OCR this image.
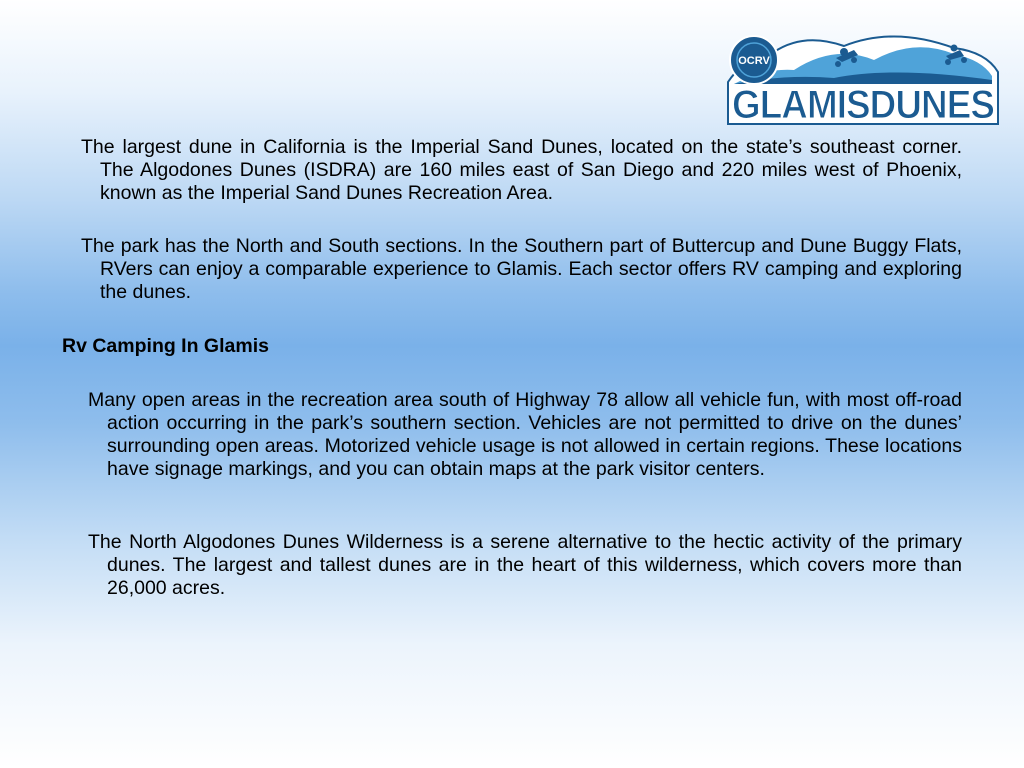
OCRV
GLAMISDUNES

The largest dune in California is the Imperial Sand Dunes, located on the state’s southeast corner. The Algodones Dunes (ISDRA) are 160 miles east of San Diego and 220 miles west of Phoenix, known as the Imperial Sand Dunes Recreation Area.

The park has the North and South sections. In the Southern part of Buttercup and Dune Buggy Flats, RVers can enjoy a comparable experience to Glamis. Each sector offers RV camping and exploring the dunes.

Rv Camping In Glamis

Many open areas in the recreation area south of Highway 78 allow all vehicle fun, with most off-road action occurring in the park’s southern section. Vehicles are not permitted to drive on the dunes’ surrounding open areas. Motorized vehicle usage is not allowed in certain regions. These locations have signage markings, and you can obtain maps at the park visitor centers.

The North Algodones Dunes Wilderness is a serene alternative to the hectic activity of the primary dunes. The largest and tallest dunes are in the heart of this wilderness, which covers more than 26,000 acres.
